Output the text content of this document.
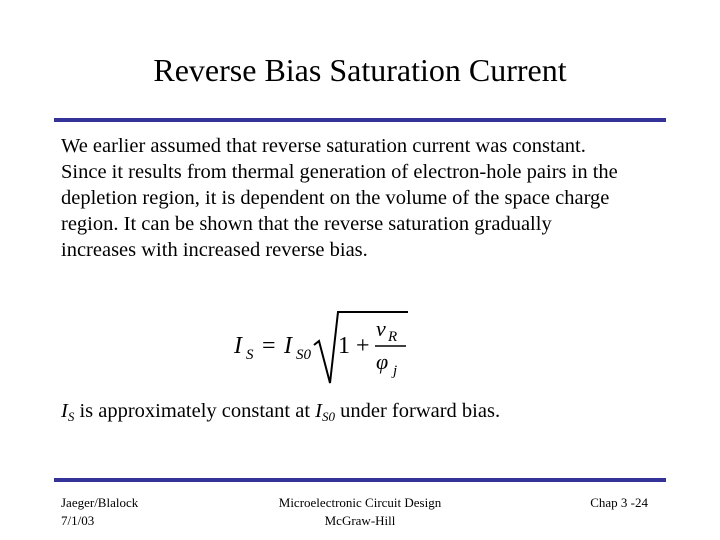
Reverse Bias Saturation Current
We earlier assumed that reverse saturation current was constant.
Since it results from thermal generation of electron-hole pairs in the
depletion region, it is dependent on the volume of the space charge
region. It can be shown that the reverse saturation gradually
increases with increased reverse bias.
I S = I S0 1 +
v R
φ j
$I_S$ is approximately constant at $I_{S0}$ under forward bias.
Jaeger/Blalock
7/1/03
Microelectronic Circuit Design
McGraw-Hill
Chap 3 -24
